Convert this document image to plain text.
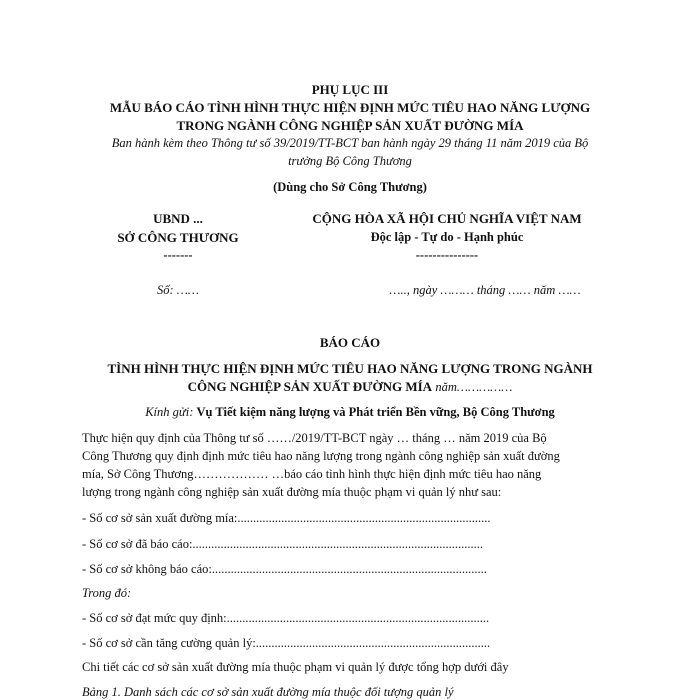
PHỤ LỤC III
MẪU BÁO CÁO TÌNH HÌNH THỰC HIỆN ĐỊNH MỨC TIÊU HAO NĂNG LƯỢNG
TRONG NGÀNH CÔNG NGHIỆP SẢN XUẤT ĐƯỜNG MÍA
Ban hành kèm theo Thông tư số 39/2019/TT-BCT ban hành ngày 29 tháng 11 năm 2019 của Bộ
trưởng Bộ Công Thương
(Dùng cho Sở Công Thương)
UBND ...
SỞ CÔNG THƯƠNG
-------
Số: ……
CỘNG HÒA XÃ HỘI CHỦ NGHĨA VIỆT NAM
Độc lập - Tự do - Hạnh phúc
---------------
….., ngày ……… tháng …… năm ……
BÁO CÁO
TÌNH HÌNH THỰC HIỆN ĐỊNH MỨC TIÊU HAO NĂNG LƯỢNG TRONG NGÀNH
CÔNG NGHIỆP SẢN XUẤT ĐƯỜNG MÍA năm……………
Kính gửi: Vụ Tiết kiệm năng lượng và Phát triển Bền vững, Bộ Công Thương
Thực hiện quy định của Thông tư số ……/2019/TT-BCT ngày … tháng … năm 2019 của Bộ
Công Thương quy định định mức tiêu hao năng lượng trong ngành công nghiệp sản xuất đường
mía, Sở Công Thương……………… …báo cáo tình hình thực hiện định mức tiêu hao năng
lượng trong ngành công nghiệp sản xuất đường mía thuộc phạm vi quản lý như sau:
- Số cơ sở sản xuất đường mía:.................................................................................
- Số cơ sở đã báo cáo:.............................................................................................
- Số cơ sở không báo cáo:........................................................................................
Trong đó:
- Số cơ sở đạt mức quy định:....................................................................................
- Số cơ sở cần tăng cường quản lý:...........................................................................
Chi tiết các cơ sở sản xuất đường mía thuộc phạm vi quản lý được tổng hợp dưới đây
Bảng 1. Danh sách các cơ sở sản xuất đường mía thuộc đối tượng quản lý
